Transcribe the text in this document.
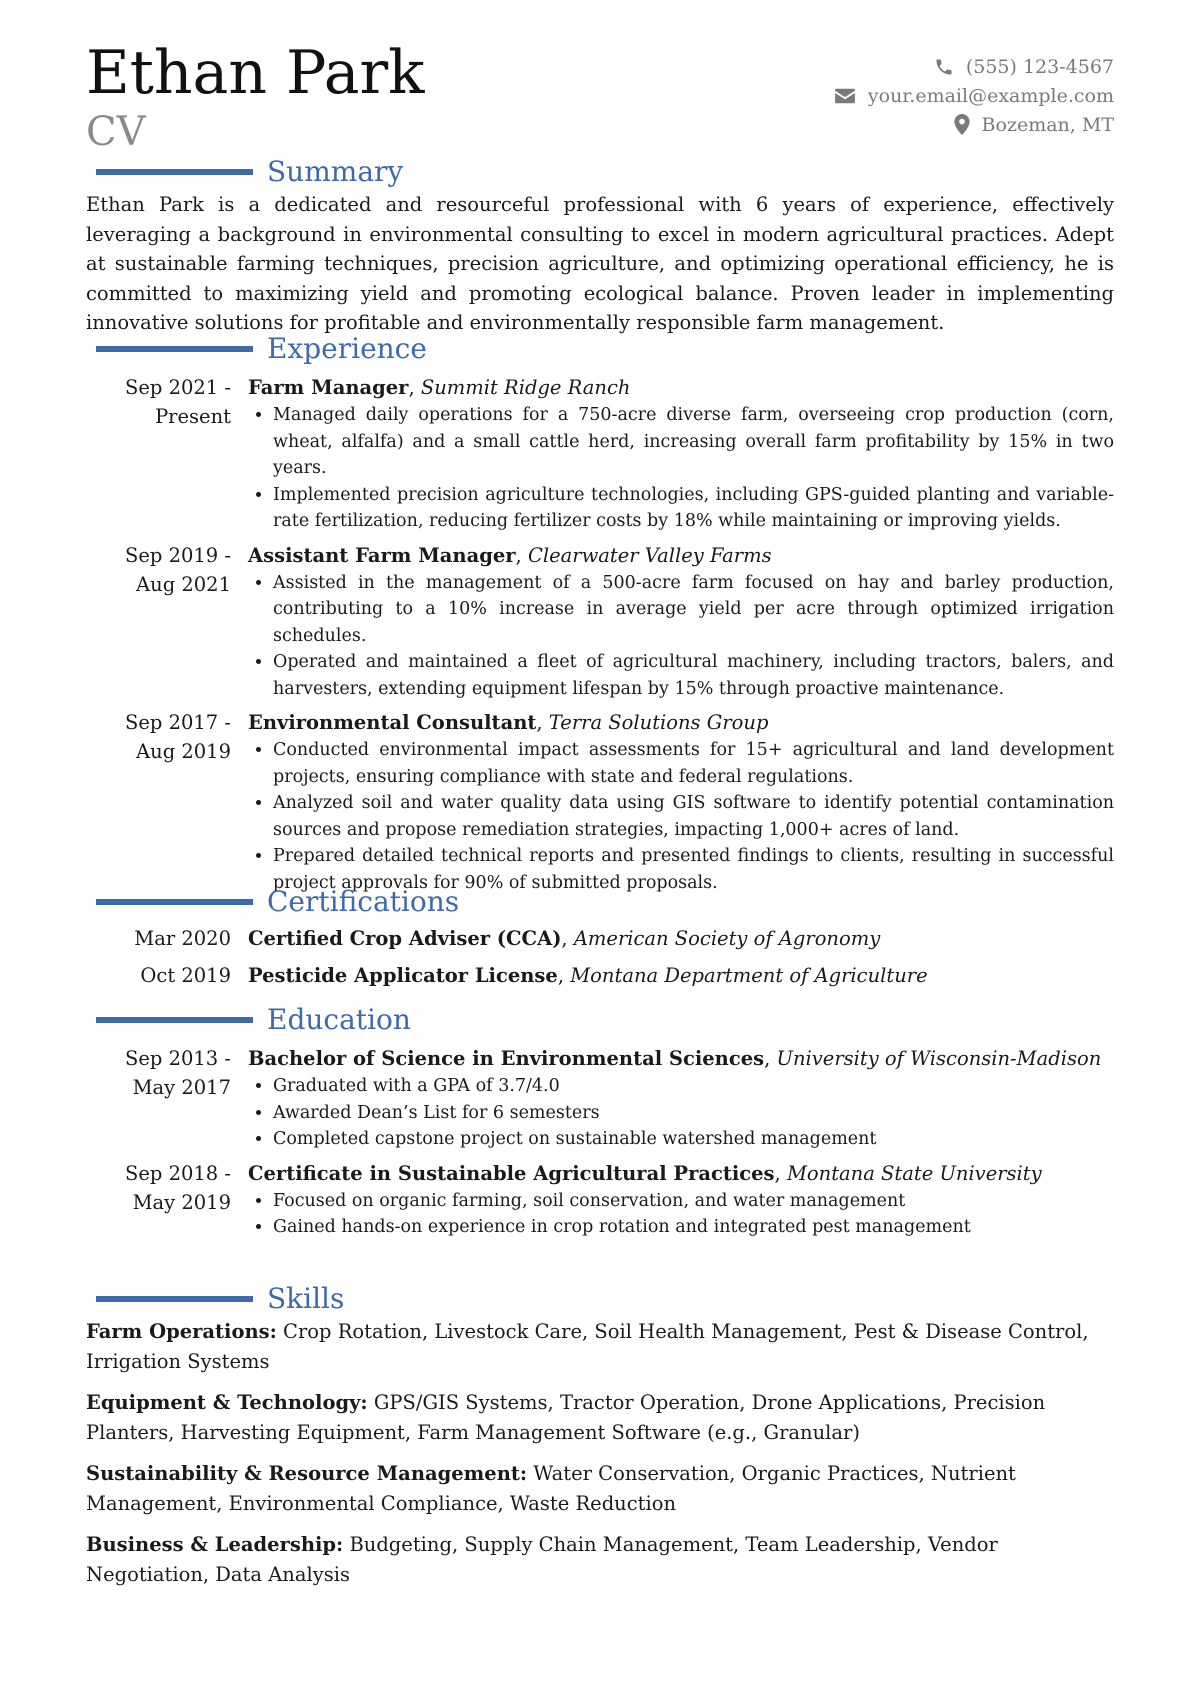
Ethan Park
CV
(555) 123-4567
your.email@example.com
Bozeman, MT
Summary
Ethan Park is a dedicated and resourceful professional with 6 years of experience, effectively leveraging a background in environmental consulting to excel in modern agricultural practices. Adept at sustainable farming techniques, precision agriculture, and optimizing operational efficiency, he is committed to maximizing yield and promoting ecological balance. Proven leader in implementing innovative solutions for profitable and environmentally responsible farm management.
Experience
Sep 2021 - Present
Farm Manager, Summit Ridge Ranch
• Managed daily operations for a 750-acre diverse farm, overseeing crop production (corn, wheat, alfalfa) and a small cattle herd, increasing overall farm profitability by 15% in two years.
• Implemented precision agriculture technologies, including GPS-guided planting and variable-rate fertilization, reducing fertilizer costs by 18% while maintaining or improving yields.
Sep 2019 - Aug 2021
Assistant Farm Manager, Clearwater Valley Farms
• Assisted in the management of a 500-acre farm focused on hay and barley production, contributing to a 10% increase in average yield per acre through optimized irrigation schedules.
• Operated and maintained a fleet of agricultural machinery, including tractors, balers, and harvesters, extending equipment lifespan by 15% through proactive maintenance.
Sep 2017 - Aug 2019
Environmental Consultant, Terra Solutions Group
• Conducted environmental impact assessments for 15+ agricultural and land development projects, ensuring compliance with state and federal regulations.
• Analyzed soil and water quality data using GIS software to identify potential contamination sources and propose remediation strategies, impacting 1,000+ acres of land.
• Prepared detailed technical reports and presented findings to clients, resulting in successful project approvals for 90% of submitted proposals.
Certifications
Mar 2020 Certified Crop Adviser (CCA), American Society of Agronomy
Oct 2019 Pesticide Applicator License, Montana Department of Agriculture
Education
Sep 2013 - May 2017
Bachelor of Science in Environmental Sciences, University of Wisconsin-Madison
• Graduated with a GPA of 3.7/4.0
• Awarded Dean’s List for 6 semesters
• Completed capstone project on sustainable watershed management
Sep 2018 - May 2019
Certificate in Sustainable Agricultural Practices, Montana State University
• Focused on organic farming, soil conservation, and water management
• Gained hands-on experience in crop rotation and integrated pest management
Skills
Farm Operations: Crop Rotation, Livestock Care, Soil Health Management, Pest & Disease Control, Irrigation Systems
Equipment & Technology: GPS/GIS Systems, Tractor Operation, Drone Applications, Precision Planters, Harvesting Equipment, Farm Management Software (e.g., Granular)
Sustainability & Resource Management: Water Conservation, Organic Practices, Nutrient Management, Environmental Compliance, Waste Reduction
Business & Leadership: Budgeting, Supply Chain Management, Team Leadership, Vendor Negotiation, Data Analysis
